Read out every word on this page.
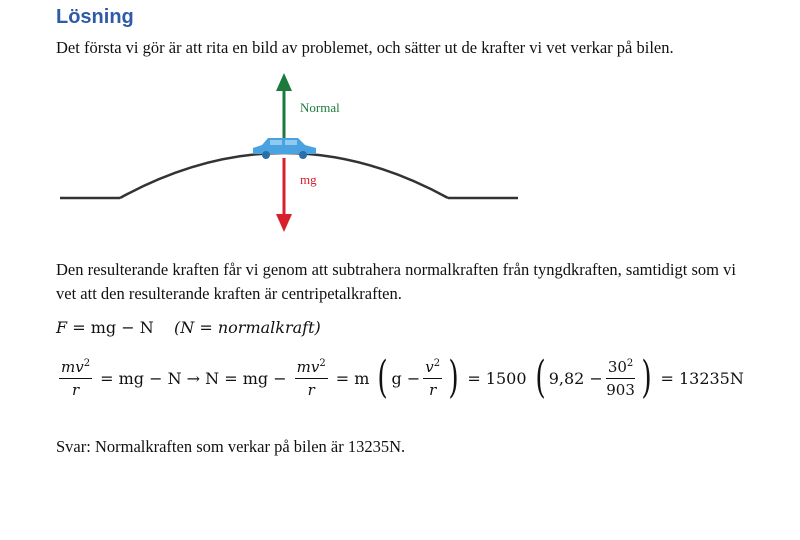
Lösning
Det första vi gör är att rita en bild av problemet, och sätter ut de krafter vi vet verkar på bilen.
Normal
mg
Den resulterande kraften får vi genom att subtrahera normalkraften från tyngdkraften, samtidigt som vi vet att den resulterande kraften är centripetalkraften.
F = mg − N (N = normalkraft)
$\frac{mv^2}{r}$ = mg − N → N = mg − $\frac{mv^2}{r} = m$ ( $g - \frac{v^2}{r}$ ) = 1500 ( $9,82 - \frac{30^2}{903}$ ) = 13235N
Svar: Normalkraften som verkar på bilen är 13235N.
